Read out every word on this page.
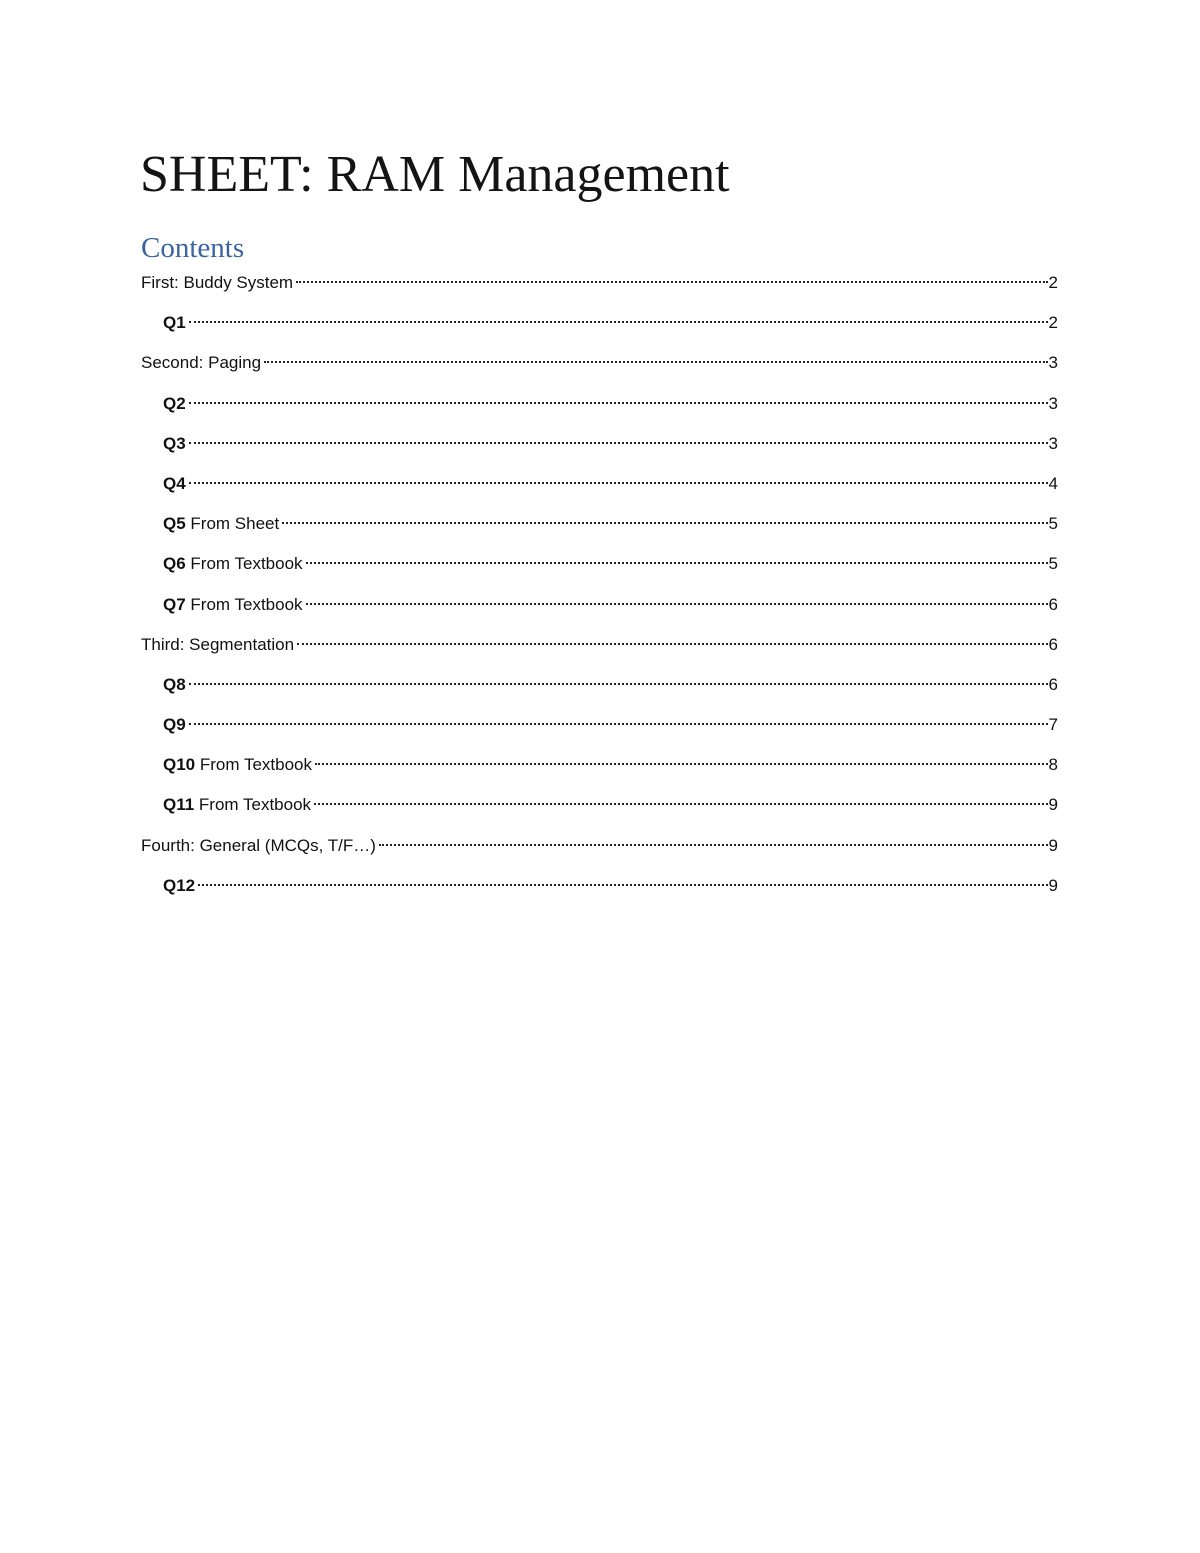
SHEET: RAM Management
Contents
First: Buddy System	2
Q1	2
Second: Paging	3
Q2	3
Q3	3
Q4	4
Q5 From Sheet	5
Q6 From Textbook	5
Q7 From Textbook	6
Third: Segmentation	6
Q8	6
Q9	7
Q10 From Textbook	8
Q11 From Textbook	9
Fourth: General (MCQs, T/F…)	9
Q12	9
